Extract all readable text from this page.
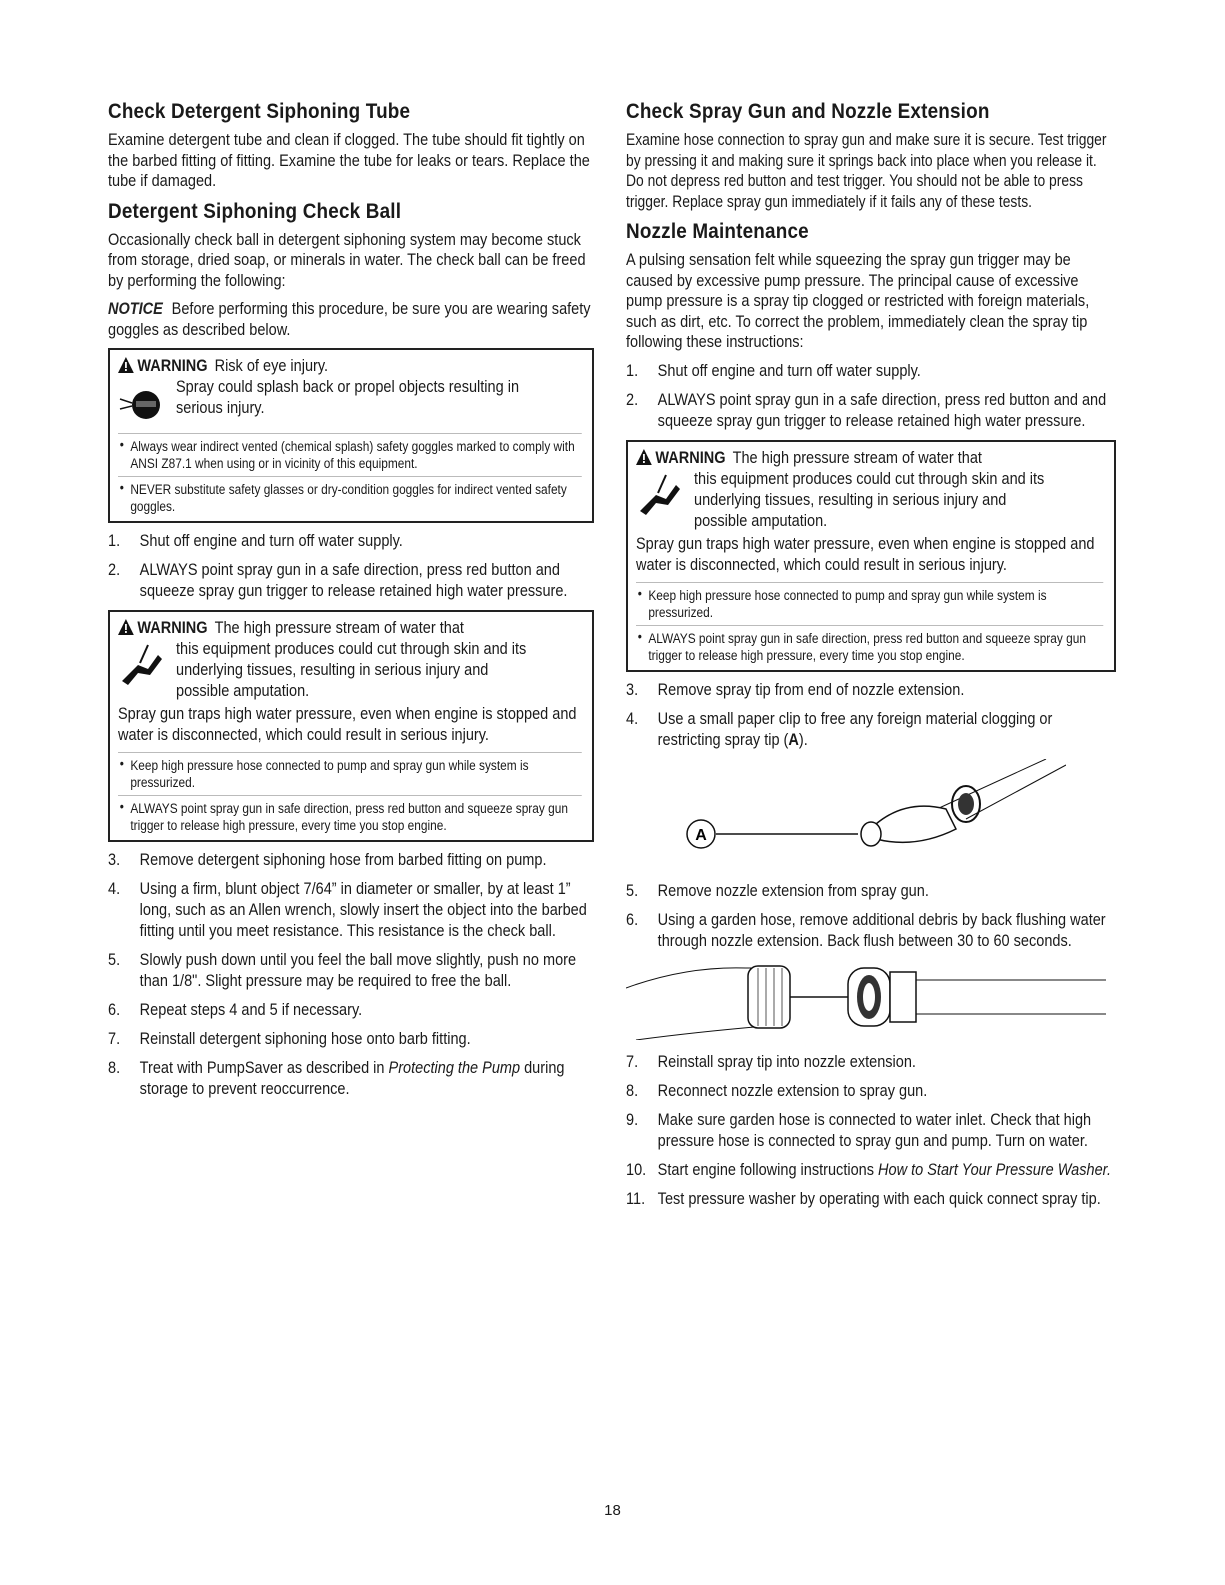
Check Detergent Siphoning Tube

Examine detergent tube and clean if clogged. The tube should fit tightly on the barbed fitting of fitting. Examine the tube for leaks or tears. Replace the tube if damaged.

Detergent Siphoning Check Ball

Occasionally check ball in detergent siphoning system may become stuck from storage, dried soap, or minerals in water. The check ball can be freed by performing the following:

NOTICE Before performing this procedure, be sure you are wearing safety goggles as described below.

WARNING Risk of eye injury.
Spray could splash back or propel objects resulting in serious injury.
• Always wear indirect vented (chemical splash) safety goggles marked to comply with ANSI Z87.1 when using or in vicinity of this equipment.
• NEVER substitute safety glasses or dry-condition goggles for indirect vented safety goggles.
1. Shut off engine and turn off water supply.
2. ALWAYS point spray gun in a safe direction, press red button and squeeze spray gun trigger to release retained high water pressure.
WARNING The high pressure stream of water that
this equipment produces could cut through skin and its underlying tissues, resulting in serious injury and possible amputation.
Spray gun traps high water pressure, even when engine is stopped and water is disconnected, which could result in serious injury.
• Keep high pressure hose connected to pump and spray gun while system is pressurized.
• ALWAYS point spray gun in safe direction, press red button and squeeze spray gun trigger to release high pressure, every time you stop engine.
3. Remove detergent siphoning hose from barbed fitting on pump.
4. Using a firm, blunt object 7/64” in diameter or smaller, by at least 1” long, such as an Allen wrench, slowly insert the object into the barbed fitting until you meet resistance. This resistance is the check ball.
5. Slowly push down until you feel the ball move slightly, push no more than 1/8". Slight pressure may be required to free the ball.
6. Repeat steps 4 and 5 if necessary.
7. Reinstall detergent siphoning hose onto barb fitting.
8. Treat with PumpSaver as described in Protecting the Pump during storage to prevent reoccurrence.
Check Spray Gun and Nozzle Extension

Examine hose connection to spray gun and make sure it is secure. Test trigger by pressing it and making sure it springs back into place when you release it. Do not depress red button and test trigger. You should not be able to press trigger. Replace spray gun immediately if it fails any of these tests.

Nozzle Maintenance

A pulsing sensation felt while squeezing the spray gun trigger may be caused by excessive pump pressure. The principal cause of excessive pump pressure is a spray tip clogged or restricted with foreign materials, such as dirt, etc. To correct the problem, immediately clean the spray tip following these instructions:

1. Shut off engine and turn off water supply.
2. ALWAYS point spray gun in a safe direction, press red button and and squeeze spray gun trigger to release retained high water pressure.
WARNING The high pressure stream of water that
this equipment produces could cut through skin and its underlying tissues, resulting in serious injury and possible amputation.
Spray gun traps high water pressure, even when engine is stopped and water is disconnected, which could result in serious injury.
• Keep high pressure hose connected to pump and spray gun while system is pressurized.
• ALWAYS point spray gun in safe direction, press red button and squeeze spray gun trigger to release high pressure, every time you stop engine.
3. Remove spray tip from end of nozzle extension.
4. Use a small paper clip to free any foreign material clogging or restricting spray tip (A).
A
5. Remove nozzle extension from spray gun.
6. Using a garden hose, remove additional debris by back flushing water through nozzle extension. Back flush between 30 to 60 seconds.
7. Reinstall spray tip into nozzle extension.
8. Reconnect nozzle extension to spray gun.
9. Make sure garden hose is connected to water inlet. Check that high pressure hose is connected to spray gun and pump. Turn on water.
10. Start engine following instructions How to Start Your Pressure Washer.
11. Test pressure washer by operating with each quick connect spray tip.
18
